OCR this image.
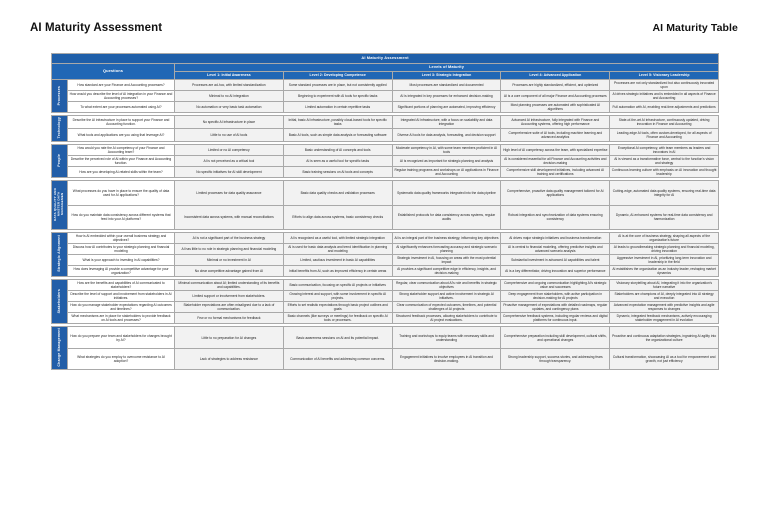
AI Maturity Assessment	AI Maturity Table
AI Maturity Assessment						
Questions		Levels of Maturity				
		Level 1: Initial Awareness	Level 2: Developing Competence	Level 3: Strategic Integration	Level 4: Advanced Application	Level 5: Visionary Leadership
Processes	How standard are your Finance and Accounting processes?	Processes are ad-hoc, with limited standardization	Some standard processes are in place, but not consistently applied	Most processes are standardized and documented	Processes are highly standardized, efficient, and optimized	Processes are not only standardized but also continuously innovated upon
	How would you describe the level of AI integration in your Finance and Accounting processes?	Minimal to no AI integration	Beginning to experiment with AI tools for specific tasks	AI is integrated in key processes for enhanced decision-making	AI is a core component of all major Finance and Accounting processes	AI drives strategic initiatives and is embedded in all aspects of Finance and Accounting
	To what extent are your processes automated using AI?	No automation or very basic task automation	Limited automation in certain repetitive tasks	Significant portions of planning are automated, improving efficiency	Most planning processes are automated with sophisticated AI algorithms	Full automation with AI, enabling real-time adjustments and predictions

Technology	Describe the AI infrastructure in place to support your Finance and Accounting function.	No specific AI infrastructure in place	Initial, basic AI infrastructure, possibly cloud-based tools for specific tasks	Integrated AI infrastructure, with a focus on scalability and data integration	Advanced AI infrastructure, fully integrated with Finance and Accounting systems, offering high performance	State-of-the-art AI infrastructure, continuously updated, driving innovation in Finance and Accounting
	What tools and applications are you using that leverage AI?	Little to no use of AI tools	Basic AI tools, such as simple data analysis or forecasting software	Diverse AI tools for data analysis, forecasting, and decision support	Comprehensive suite of AI tools, including machine learning and advanced analytics	Leading-edge AI tools, often custom-developed, for all aspects of Finance and Accounting

People	How would you rate the AI competency of your Finance and Accounting team?	Limited or no AI competency	Basic understanding of AI concepts and tools	Moderate competency in AI, with some team members proficient in AI tools	High level of AI competency across the team, with specialized expertise	Exceptional AI competency, with team members as leaders and innovators in AI
	Describe the perceived role of AI within your Finance and Accounting function.	AI is not perceived as a critical tool	AI is seen as a useful tool for specific tasks	AI is recognized as important for strategic planning and analysis	AI is considered essential for all Finance and Accounting activities and decision-making	AI is viewed as a transformative force, central to the function's vision and strategy
	How are you developing AI-related skills within the team?	No specific initiatives for AI skill development	Basic training sessions on AI tools and concepts	Regular training programs and workshops on AI applications in Finance and Accounting	Comprehensive skill development initiatives, including advanced AI training and certifications	Continuous learning culture with emphasis on AI innovation and thought leadership

DATA QUALITY AND MASTER DATA MANAGEMEN	What processes do you have in place to ensure the quality of data used for AI applications?	Limited processes for data quality assurance	Basic data quality checks and validation processes	Systematic data quality frameworks integrated into the data pipeline	Comprehensive, proactive data quality management tailored for AI applications	Cutting-edge, automated data quality systems, ensuring real-time data integrity for AI
	How do you maintain data consistency across different systems that feed into your AI platforms?	Inconsistent data across systems, with manual reconciliations	Efforts to align data across systems, basic consistency checks	Established protocols for data consistency across systems, regular audits	Robust integration and synchronization of data systems ensuring consistency	Dynamic, AI-enhanced systems for real-time data consistency and harmonization

Strategic Alignment	How is AI embedded within your overall business strategy and objectives?	AI is not a significant part of the business strategy	AI is recognized as a useful tool, with limited strategic integration	AI is an integral part of the business strategy, influencing key objectives	AI drives major strategic initiatives and business transformation	AI is at the core of business strategy, shaping all aspects of the organization's future
	Discuss how AI contributes to your strategic planning and financial modeling	AI has little to no role in strategic planning and financial modeling	AI is used for basic data analysis and trend identification in planning and modeling	AI significantly enhances forecasting accuracy and strategic scenario planning	AI is central to financial modeling, offering predictive insights and advanced scenario analysis	AI leads to groundbreaking strategic planning and financial modeling, driving innovation
	What is your approach to investing in AI capabilities?	Minimal or no investment in AI	Limited, cautious investment in basic AI capabilities	Strategic investment in AI, focusing on areas with the most potential impact	Substantial investment in advanced AI capabilities and talent	Aggressive investment in AI, prioritizing long-term innovation and leadership in the field
	How does leveraging AI provide a competitive advantage for your organization?	No clear competitive advantage gained from AI	Initial benefits from AI, such as improved efficiency in certain areas	AI provides a significant competitive edge in efficiency, insights, and decision-making	AI is a key differentiator, driving innovation and superior performance	AI establishes the organization as an industry leader, reshaping market dynamics

Stakeholders	How are the benefits and capabilities of AI communicated to stakeholders?	Minimal communication about AI; limited understanding of its benefits and capabilities.	Basic communication, focusing on specific AI projects or initiatives	Regular, clear communication about AI's role and benefits in strategic objectives	Comprehensive and ongoing communication highlighting AI's strategic value and successes	Visionary storytelling about AI, integrating it into the organization's future narrative
	Describe the level of support and involvement from stakeholders in AI initiatives.	Limited support or involvement from stakeholders.	Growing interest and support, with some involvement in specific AI projects.	Strong stakeholder support and active involvement in strategic AI initiatives.	Deep engagement from stakeholders, with active participation in decision-making for AI projects	Stakeholders are champions of AI, deeply integrated into AI strategy and execution
	How do you manage stakeholder expectations regarding AI outcomes and timelines?	Stakeholder expectations are often misaligned due to a lack of communication.	Efforts to set realistic expectations through basic project outlines and goals	Clear communication of expected outcomes, timelines, and potential challenges of AI projects	Proactive management of expectations with detailed roadmaps, regular updates, and contingency plans	Advanced expectation management with predictive insights and agile responses to changes
	What mechanisms are in place for stakeholders to provide feedback on AI tools and processes?	Few or no formal mechanisms for feedback	Basic channels (like surveys or meetings) for feedback on specific AI tools or processes.	Structured feedback processes, allowing stakeholders to contribute to AI project evaluations.	Comprehensive feedback systems, including regular reviews and digital platforms for continuous input.	Dynamic, integrated feedback mechanisms, actively encouraging stakeholder engagement in AI evolution

Change Management	How do you prepare your team and stakeholders for changes brought by AI?	Little to no preparation for AI changes	Basic awareness sessions on AI and its potential impact.	Training and workshops to equip teams with necessary skills and understanding	Comprehensive preparation including skill development, cultural shifts, and operational changes	Proactive and continuous adaptation strategies, ingraining AI agility into the organizational culture
	What strategies do you employ to overcome resistance to AI adoption?	Lack of strategies to address resistance	Communication of AI benefits and addressing common concerns.	Engagement initiatives to involve employees in AI transition and decision-making.	Strong leadership support, success stories, and addressing fears through transparency.	Cultural transformation, showcasing AI as a tool for empowerment and growth, not just efficiency
